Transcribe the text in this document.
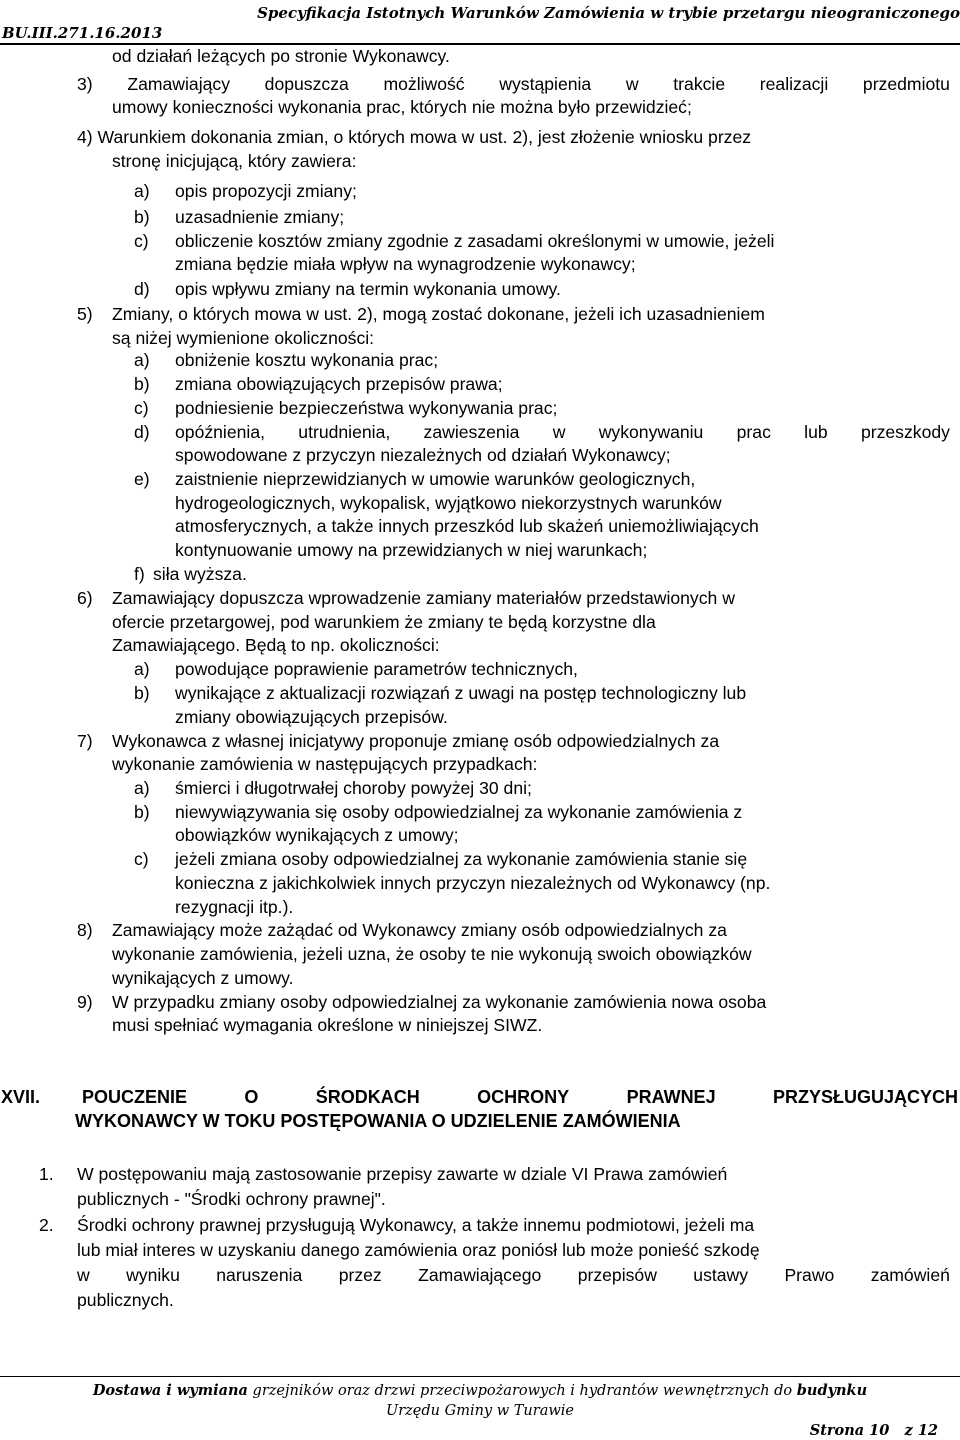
Specyfikacja Istotnych Warunków Zamówienia w trybie przetargu nieograniczonego
BU.III.271.16.2013
od działań leżących po stronie Wykonawcy.
3) Zamawiający dopuszcza możliwość wystąpienia w trakcie realizacji przedmiotu
umowy konieczności wykonania prac, których nie można było przewidzieć;
4) Warunkiem dokonania zmian, o których mowa w ust. 2), jest złożenie wniosku przez
stronę inicjującą, który zawiera:
a) opis propozycji zmiany;
b) uzasadnienie zmiany;
c) obliczenie kosztów zmiany zgodnie z zasadami określonymi w umowie, jeżeli
zmiana będzie miała wpływ na wynagrodzenie wykonawcy;
d) opis wpływu zmiany na termin wykonania umowy.
5) Zmiany, o których mowa w ust. 2), mogą zostać dokonane, jeżeli ich uzasadnieniem
są niżej wymienione okoliczności:
a) obniżenie kosztu wykonania prac;
b) zmiana obowiązujących przepisów prawa;
c) podniesienie bezpieczeństwa wykonywania prac;
d) opóźnienia, utrudnienia, zawieszenia w wykonywaniu prac lub przeszkody
spowodowane z przyczyn niezależnych od działań Wykonawcy;
e) zaistnienie nieprzewidzianych w umowie warunków geologicznych,
hydrogeologicznych, wykopalisk, wyjątkowo niekorzystnych warunków
atmosferycznych, a także innych przeszkód lub skażeń uniemożliwiających
kontynuowanie umowy na przewidzianych w niej warunkach;
f) siła wyższa.
6) Zamawiający dopuszcza wprowadzenie zamiany materiałów przedstawionych w
ofercie przetargowej, pod warunkiem że zmiany te będą korzystne dla
Zamawiającego. Będą to np. okoliczności:
a) powodujące poprawienie parametrów technicznych,
b) wynikające z aktualizacji rozwiązań z uwagi na postęp technologiczny lub
zmiany obowiązujących przepisów.
7) Wykonawca z własnej inicjatywy proponuje zmianę osób odpowiedzialnych za
wykonanie zamówienia w następujących przypadkach:
a) śmierci i długotrwałej choroby powyżej 30 dni;
b) niewywiązywania się osoby odpowiedzialnej za wykonanie zamówienia z
obowiązków wynikających z umowy;
c) jeżeli zmiana osoby odpowiedzialnej za wykonanie zamówienia stanie się
konieczna z jakichkolwiek innych przyczyn niezależnych od Wykonawcy (np.
rezygnacji itp.).
8) Zamawiający może zażądać od Wykonawcy zmiany osób odpowiedzialnych za
wykonanie zamówienia, jeżeli uzna, że osoby te nie wykonują swoich obowiązków
wynikających z umowy.
9) W przypadku zmiany osoby odpowiedzialnej za wykonanie zamówienia nowa osoba
musi spełniać wymagania określone w niniejszej SIWZ.
XVII. POUCZENIE	O	ŚRODKACH	OCHRONY	PRAWNEJ	PRZYSŁUGUJĄCYCH
WYKONAWCY W TOKU POSTĘPOWANIA O UDZIELENIE ZAMÓWIENIA
1. W postępowaniu mają zastosowanie przepisy zawarte w dziale VI Prawa zamówień
publicznych - "Środki ochrony prawnej".
2. Środki ochrony prawnej przysługują Wykonawcy, a także innemu podmiotowi, jeżeli ma
lub miał interes w uzyskaniu danego zamówienia oraz poniósł lub może ponieść szkodę
w wyniku naruszenia przez Zamawiającego przepisów ustawy Prawo zamówień
publicznych.
Dostawa i wymiana grzejników oraz drzwi przeciwpożarowych i hydrantów wewnętrznych do budynku
Urzędu Gminy w Turawie
Strona 10 z 12
